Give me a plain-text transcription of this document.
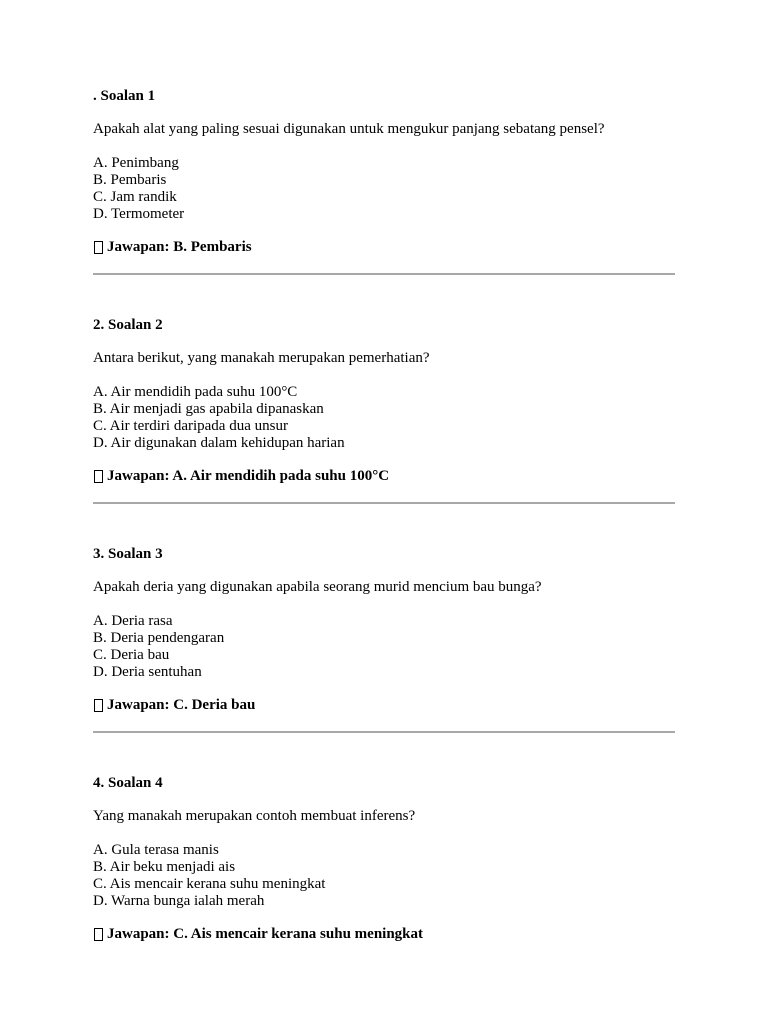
. Soalan 1
Apakah alat yang paling sesuai digunakan untuk mengukur panjang sebatang pensel?
A. Penimbang
B. Pembaris
C. Jam randik
D. Termometer
Jawapan: B. Pembaris
2. Soalan 2
Antara berikut, yang manakah merupakan pemerhatian?
A. Air mendidih pada suhu 100°C
B. Air menjadi gas apabila dipanaskan
C. Air terdiri daripada dua unsur
D. Air digunakan dalam kehidupan harian
Jawapan: A. Air mendidih pada suhu 100°C
3. Soalan 3
Apakah deria yang digunakan apabila seorang murid mencium bau bunga?
A. Deria rasa
B. Deria pendengaran
C. Deria bau
D. Deria sentuhan
Jawapan: C. Deria bau
4. Soalan 4
Yang manakah merupakan contoh membuat inferens?
A. Gula terasa manis
B. Air beku menjadi ais
C. Ais mencair kerana suhu meningkat
D. Warna bunga ialah merah
Jawapan: C. Ais mencair kerana suhu meningkat
